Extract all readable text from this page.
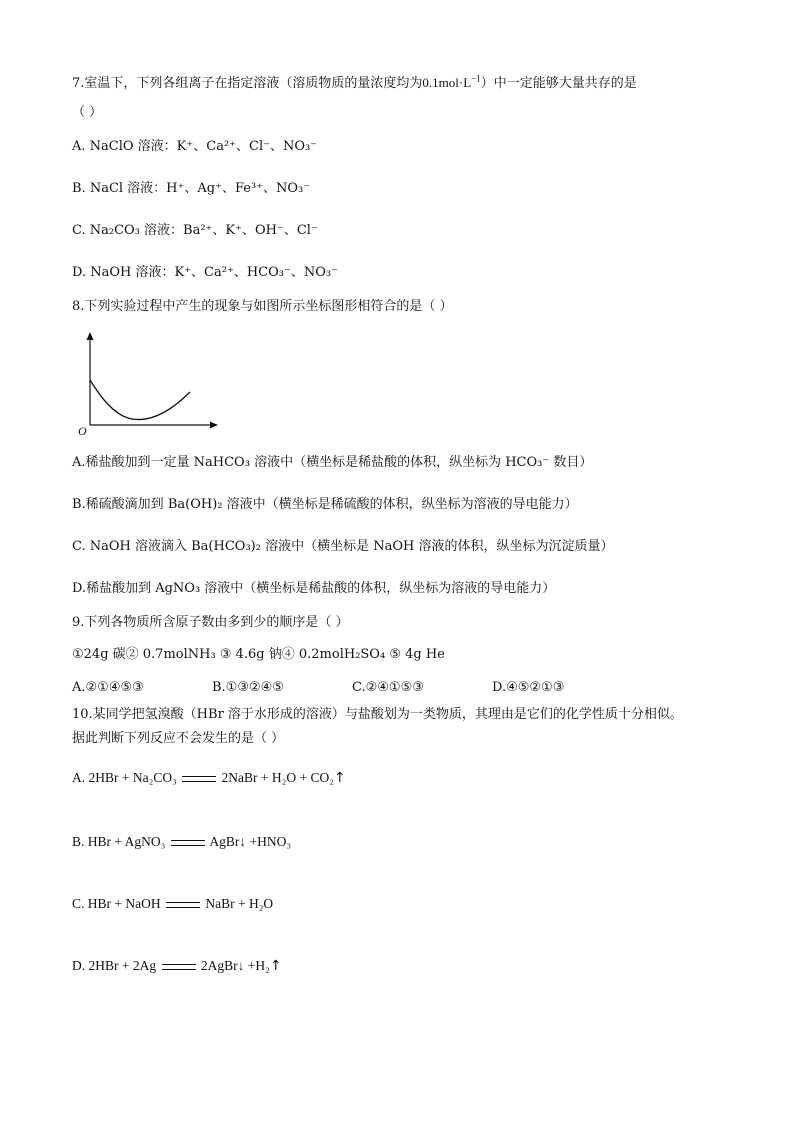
7.室温下，下列各组离子在指定溶液（溶质物质的量浓度均为$0.1mol\cdot L^{-1}$）中一定能够大量共存的是
（ ）
A. NaClO 溶液：K⁺、Ca²⁺、Cl⁻、NO₃⁻
B. NaCl 溶液：H⁺、Ag⁺、Fe³⁺、NO₃⁻
C. Na₂CO₃ 溶液：Ba²⁺、K⁺、OH⁻、Cl⁻
D. NaOH 溶液：K⁺、Ca²⁺、HCO₃⁻、NO₃⁻
8.下列实验过程中产生的现象与如图所示坐标图形相符合的是（ ）
O
A.稀盐酸加到一定量 NaHCO₃ 溶液中（横坐标是稀盐酸的体积，纵坐标为 HCO₃⁻ 数目）
B.稀硫酸滴加到 Ba(OH)₂ 溶液中（横坐标是稀硫酸的体积，纵坐标为溶液的导电能力）
C. NaOH 溶液滴入 Ba(HCO₃)₂ 溶液中（横坐标是 NaOH 溶液的体积，纵坐标为沉淀质量）
D.稀盐酸加到 AgNO₃ 溶液中（横坐标是稀盐酸的体积，纵坐标为溶液的导电能力）
9.下列各物质所含原子数由多到少的顺序是（ ）
①24g 碳② 0.7molNH₃ ③ 4.6g 钠④ 0.2molH₂SO₄ ⑤ 4g He
A.②①④⑤③	B.①③②④⑤	C.②④①⑤③	D.④⑤②①③
10.某同学把氢溴酸（HBr 溶于水形成的溶液）与盐酸划为一类物质，其理由是它们的化学性质十分相似。
据此判断下列反应不会发生的是（ ）
A. 2HBr + Na₂CO₃	2NaBr + H₂O + CO₂↑
B. HBr + AgNO₃	AgBr↓ +HNO₃
C. HBr + NaOH	NaBr + H₂O
D. 2HBr + 2Ag	2AgBr↓ +H₂↑
